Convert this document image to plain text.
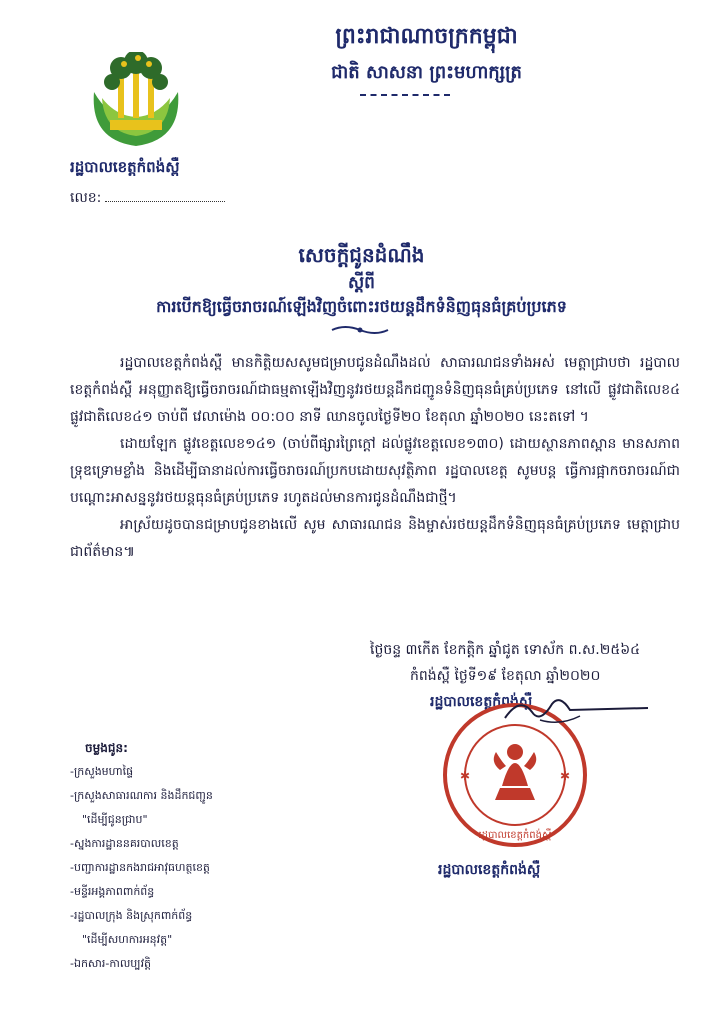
ព្រះរាជាណាចក្រកម្ពុជា
ជាតិ សាសនា ព្រះមហាក្សត្រ
រដ្ឋបាលខេត្តកំពង់ស្ពឺ
លេខ:
សេចក្តីជូនដំណឹង
ស្តីពី
ការបើកឱ្យធ្វើចរាចរណ៍ឡើងវិញចំពោះរថយន្តដឹកទំនិញធុនធំគ្រប់ប្រភេទ

រដ្ឋបាលខេត្តកំពង់ស្ពឺ មានកិត្តិយសសូមជម្រាបជូនដំណឹងដល់ សាធារណជនទាំងអស់ មេត្តាជ្រាបថា រដ្ឋបាលខេត្តកំពង់ស្ពឺ អនុញ្ញាតឱ្យធ្វើចរាចរណ៍ជាធម្មតាឡើងវិញនូវរថយន្តដឹកជញ្ជូនទំនិញធុនធំគ្រប់ប្រភេទ នៅលើ ផ្លូវជាតិលេខ៤ ផ្លូវជាតិលេខ៤១ ចាប់ពី វេលាម៉ោង ០០:០០ នាទី ឈានចូលថ្ងៃទី២០ ខែតុលា ឆ្នាំ២០២០ នេះតទៅ ។

ដោយឡែក ផ្លូវខេត្តលេខ១៤១ (ចាប់ពីផ្សារព្រៃក្តៅ ដល់ផ្លូវខេត្តលេខ១៣០) ដោយស្ថានភាពស្ពាន មានសភាពទ្រុឌទ្រោមខ្លាំង និងដើម្បីធានាដល់ការធ្វើចរាចរណ៍ប្រកបដោយសុវត្ថិភាព រដ្ឋបាលខេត្ត សូមបន្ត ធ្វើការផ្អាកចរាចរណ៍ជាបណ្តោះអាសន្ននូវរថយន្តធុនធំគ្រប់ប្រភេទ រហូតដល់មានការជូនដំណឹងជាថ្មី។

អាស្រ័យដូចបានជម្រាបជូនខាងលើ សូម សាធារណជន និងម្ចាស់រថយន្តដឹកទំនិញធុនធំគ្រប់ប្រភេទ មេត្តាជ្រាបជាព័ត៌មាន៕

ថ្ងៃចន្ទ ៣កើត ខែកត្តិក ឆ្នាំជូត ទោស័ក ព.ស.២៥៦៤
កំពង់ស្ពឺ ថ្ងៃទី១៩ ខែតុលា ឆ្នាំ២០២០
រដ្ឋបាលខេត្តកំពង់ស្ពឺ
✱	✱
រដ្ឋបាលខេត្តកំពង់ស្ពឺ
រដ្ឋបាលខេត្តកំពង់ស្ពឺ
ចម្លងជូន:
-ក្រសួងមហាផ្ទៃ
-ក្រសួងសាធារណការ និងដឹកជញ្ជូន
"ដើម្បីជូនជ្រាប"
-ស្នងការដ្ឋាននគរបាលខេត្ត
-បញ្ជាការដ្ឋានកងរាជអាវុធហត្ថខេត្ត
-មន្ទីរអង្គភាពពាក់ព័ន្ធ
-រដ្ឋបាលក្រុង និងស្រុកពាក់ព័ន្ធ
"ដើម្បីសហការអនុវត្ត"
-ឯកសារ-កាលប្បវត្តិ
